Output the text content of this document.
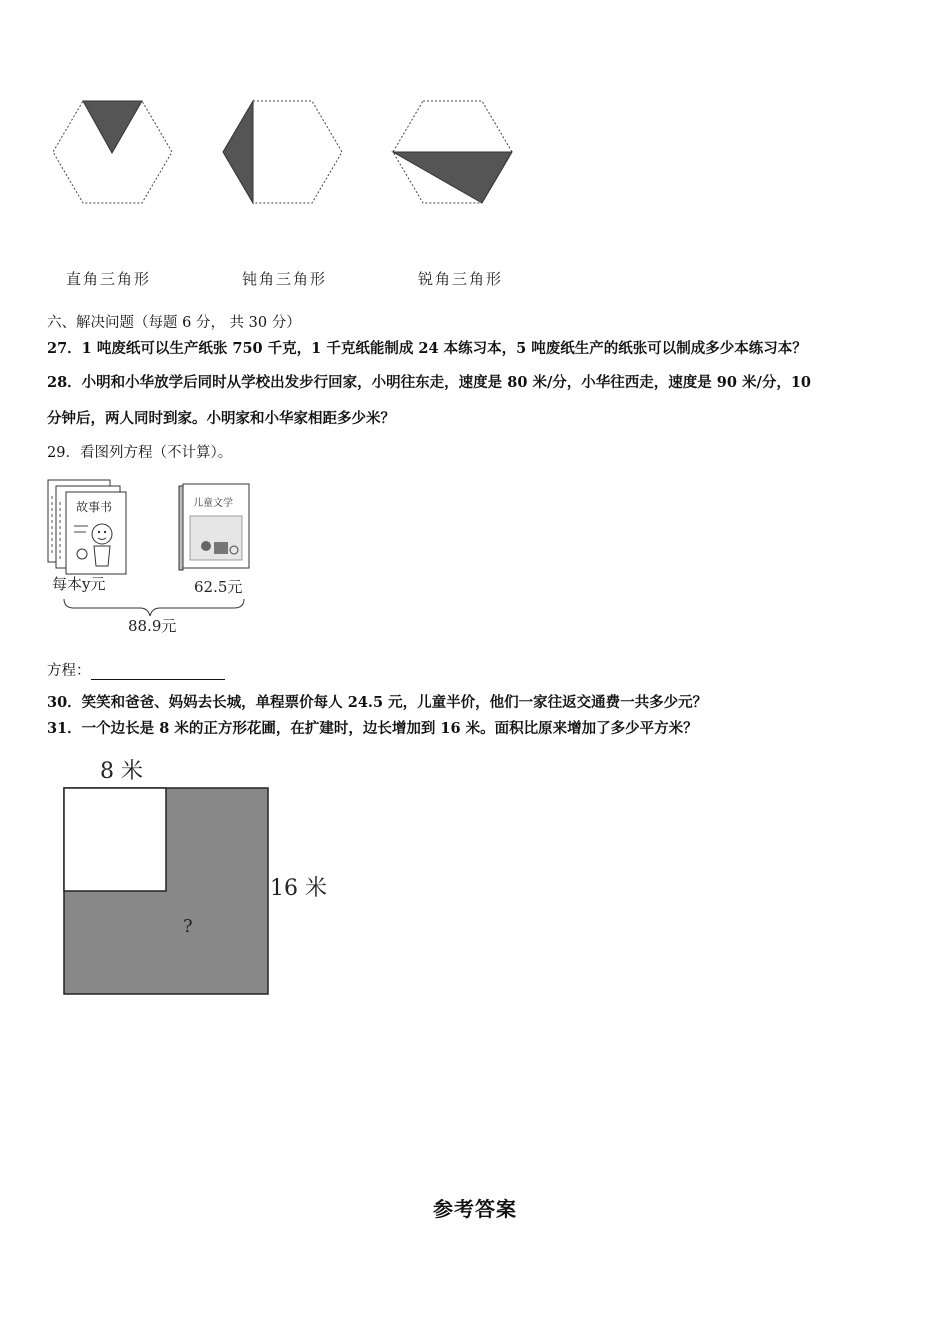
直角三角形	钝角三角形	锐角三角形
六、解决问题（每题 6 分， 共 30 分）
27．1 吨废纸可以生产纸张 750 千克，1 千克纸能制成 24 本练习本，5 吨废纸生产的纸张可以制成多少本练习本？
28．小明和小华放学后同时从学校出发步行回家，小明往东走，速度是 80 米/分，小华往西走，速度是 90 米/分，10
分钟后，两人同时到家。小明家和小华家相距多少米？
29．看图列方程（不计算）。
故事书	儿童文学
每本y元	62.5元
88.9元
方程：
30．笑笑和爸爸、妈妈去长城，单程票价每人 24.5 元，儿童半价，他们一家往返交通费一共多少元？
31．一个边长是 8 米的正方形花圃，在扩建时，边长增加到 16 米。面积比原来增加了多少平方米？
8 米
16 米
?
参考答案
